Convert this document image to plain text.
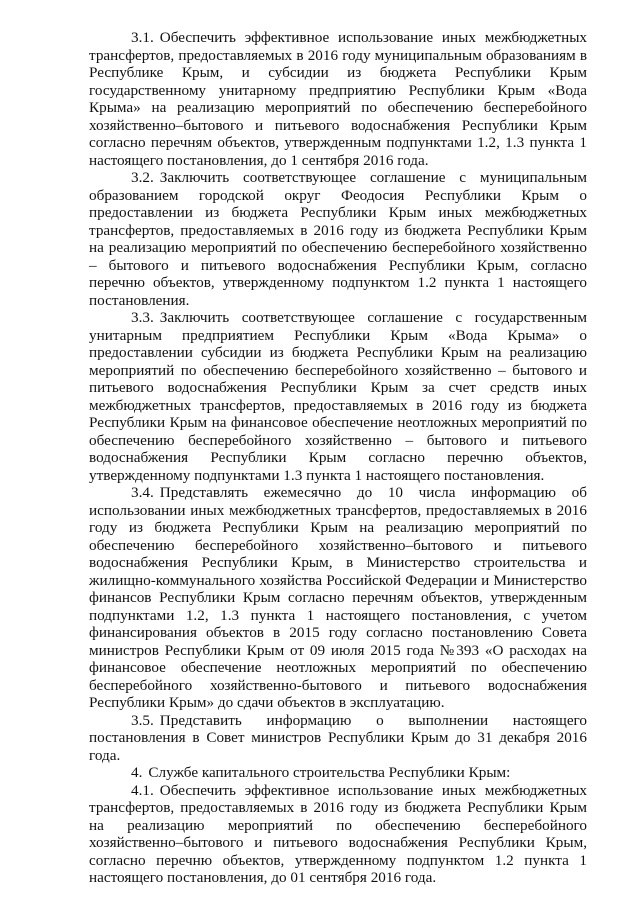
3.1. Обеспечить эффективное использование иных межбюджетных трансфертов, предоставляемых в 2016 году муниципальным образованиям в Республике Крым, и субсидии из бюджета Республики Крым государственному унитарному предприятию Республики Крым «Вода Крыма» на реализацию мероприятий по обеспечению бесперебойного хозяйственно–бытового и питьевого водоснабжения Республики Крым согласно перечням объектов, утвержденным подпунктами 1.2, 1.3 пункта 1 настоящего постановления, до 1 сентября 2016 года.

3.2. Заключить соответствующее соглашение с муниципальным образованием городской округ Феодосия Республики Крым о предоставлении из бюджета Республики Крым иных межбюджетных трансфертов, предоставляемых в 2016 году из бюджета Республики Крым на реализацию мероприятий по обеспечению бесперебойного хозяйственно – бытового и питьевого водоснабжения Республики Крым, согласно перечню объектов, утвержденному подпунктом 1.2 пункта 1 настоящего постановления.

3.3. Заключить соответствующее соглашение с государственным унитарным предприятием Республики Крым «Вода Крыма» о предоставлении субсидии из бюджета Республики Крым на реализацию мероприятий по обеспечению бесперебойного хозяйственно – бытового и питьевого водоснабжения Республики Крым за счет средств иных межбюджетных трансфертов, предоставляемых в 2016 году из бюджета Республики Крым на финансовое обеспечение неотложных мероприятий по обеспечению бесперебойного хозяйственно – бытового и питьевого водоснабжения Республики Крым согласно перечню объектов, утвержденному подпунктами 1.3 пункта 1 настоящего постановления.

3.4. Представлять ежемесячно до 10 числа информацию об использовании иных межбюджетных трансфертов, предоставляемых в 2016 году из бюджета Республики Крым на реализацию мероприятий по обеспечению бесперебойного хозяйственно–бытового и питьевого водоснабжения Республики Крым, в Министерство строительства и жилищно-коммунального хозяйства Российской Федерации и Министерство финансов Республики Крым согласно перечням объектов, утвержденным подпунктами 1.2, 1.3 пункта 1 настоящего постановления, с учетом финансирования объектов в 2015 году согласно постановлению Совета министров Республики Крым от 09 июля 2015 года №393 «О расходах на финансовое обеспечение неотложных мероприятий по обеспечению бесперебойного хозяйственно-бытового и питьевого водоснабжения Республики Крым» до сдачи объектов в эксплуатацию.

3.5. Представить информацию о выполнении настоящего постановления в Совет министров Республики Крым до 31 декабря 2016 года.

4. Службе капитального строительства Республики Крым:

4.1. Обеспечить эффективное использование иных межбюджетных трансфертов, предоставляемых в 2016 году из бюджета Республики Крым на реализацию мероприятий по обеспечению бесперебойного хозяйственно–бытового и питьевого водоснабжения Республики Крым, согласно перечню объектов, утвержденному подпунктом 1.2 пункта 1 настоящего постановления, до 01 сентября 2016 года.
